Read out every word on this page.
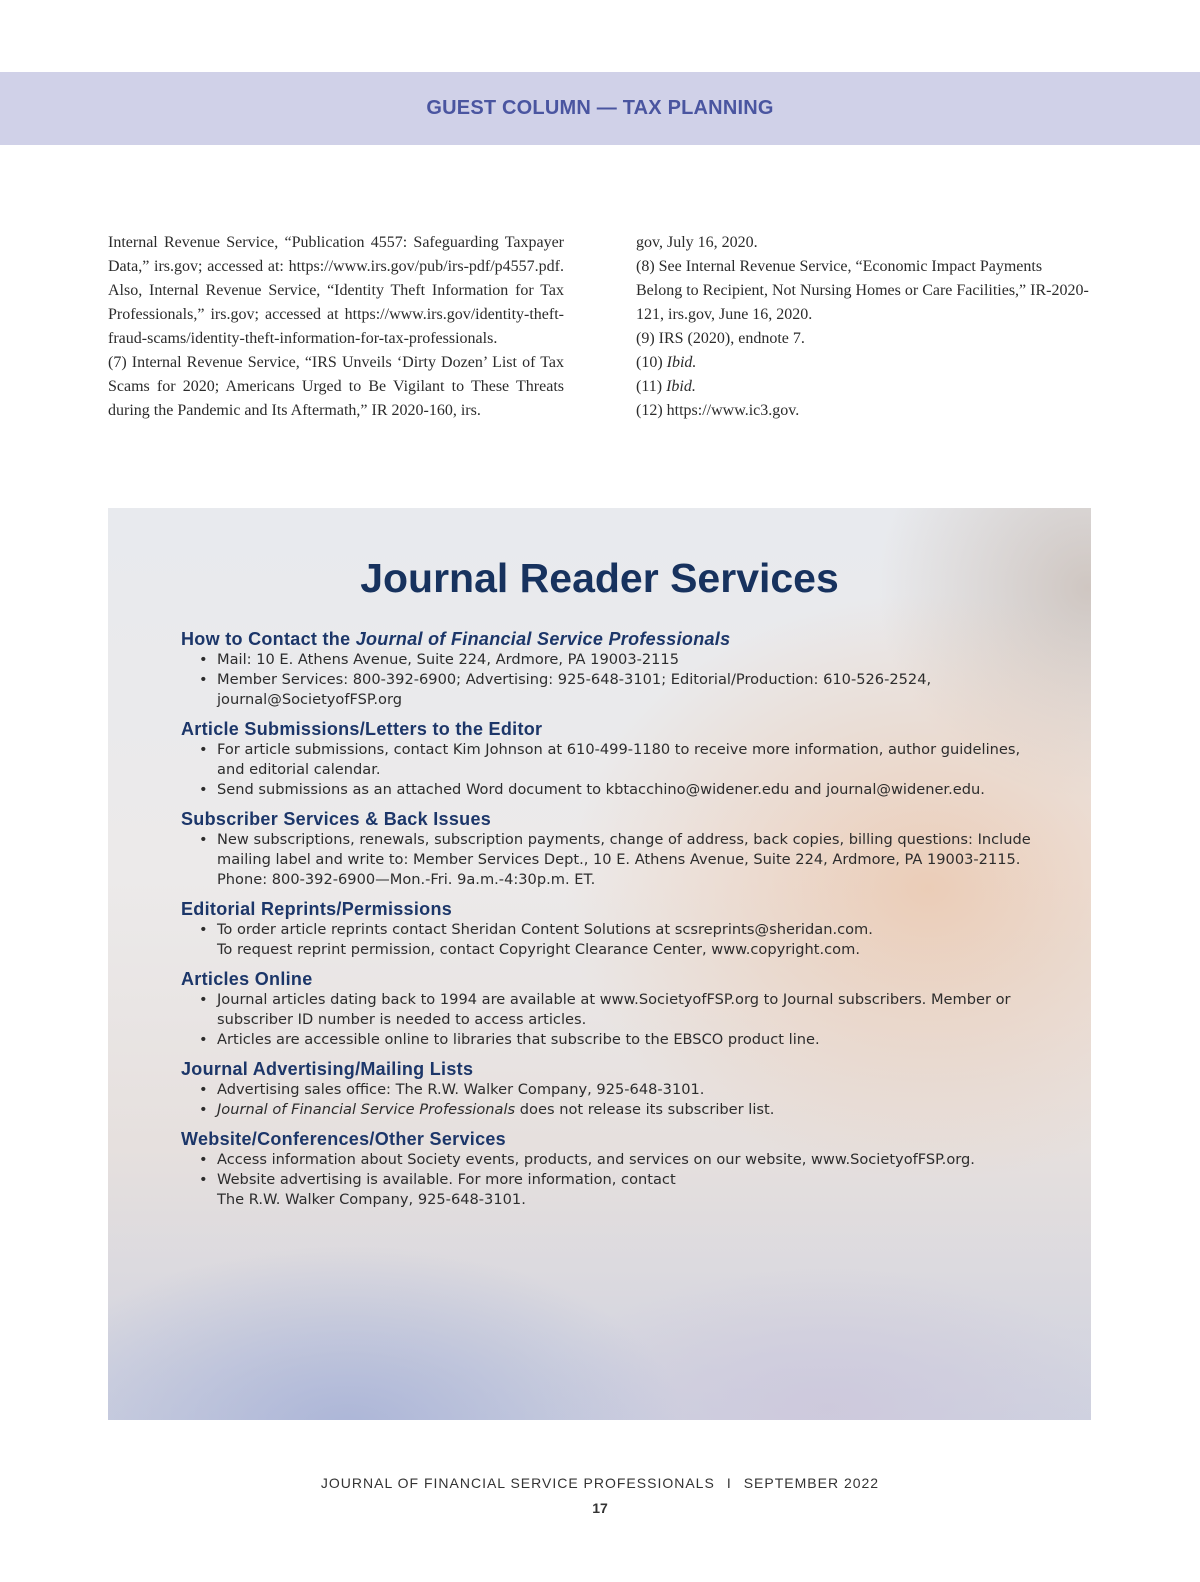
GUEST COLUMN — TAX PLANNING

Internal Revenue Service, “Publication 4557: Safeguarding Taxpayer Data,” irs.gov; accessed at: https://www.irs.gov/pub/irs-pdf/p4557.pdf. Also, Internal Revenue Service, “Identity Theft Information for Tax Professionals,” irs.gov; accessed at https://www.irs.gov/identity-theft-fraud-scams/identity-theft-information-for-tax-professionals.

(7) Internal Revenue Service, “IRS Unveils ‘Dirty Dozen’ List of Tax Scams for 2020; Americans Urged to Be Vigilant to These Threats during the Pandemic and Its Aftermath,” IR 2020-160, irs.

gov, July 16, 2020.

(8) See Internal Revenue Service, “Economic Impact Payments Belong to Recipient, Not Nursing Homes or Care Facilities,” IR-2020-121, irs.gov, June 16, 2020.

(9) IRS (2020), endnote 7.

(10) Ibid.

(11) Ibid.

(12) https://www.ic3.gov.

Journal Reader Services
How to Contact the Journal of Financial Service Professionals
• Mail: 10 E. Athens Avenue, Suite 224, Ardmore, PA 19003-2115
• Member Services: 800-392-6900; Advertising: 925-648-3101; Editorial/Production: 610-526-2524, journal@SocietyofFSP.org
Article Submissions/Letters to the Editor
• For article submissions, contact Kim Johnson at 610-499-1180 to receive more information, author guidelines, and editorial calendar.
• Send submissions as an attached Word document to kbtacchino@widener.edu and journal@widener.edu.
Subscriber Services & Back Issues
• New subscriptions, renewals, subscription payments, change of address, back copies, billing questions: Include mailing label and write to: Member Services Dept., 10 E. Athens Avenue, Suite 224, Ardmore, PA 19003-2115. Phone: 800-392-6900—Mon.-Fri. 9a.m.-4:30p.m. ET.
Editorial Reprints/Permissions
• To order article reprints contact Sheridan Content Solutions at scsreprints@sheridan.com.
To request reprint permission, contact Copyright Clearance Center, www.copyright.com.
Articles Online
• Journal articles dating back to 1994 are available at www.SocietyofFSP.org to Journal subscribers. Member or subscriber ID number is needed to access articles.
• Articles are accessible online to libraries that subscribe to the EBSCO product line.
Journal Advertising/Mailing Lists
• Advertising sales office: The R.W. Walker Company, 925-648-3101.
• Journal of Financial Service Professionals does not release its subscriber list.
Website/Conferences/Other Services
• Access information about Society events, products, and services on our website, www.SocietyofFSP.org.
• Website advertising is available. For more information, contact
The R.W. Walker Company, 925-648-3101.
JOURNAL OF FINANCIAL SERVICE PROFESSIONALS I SEPTEMBER 2022
17
